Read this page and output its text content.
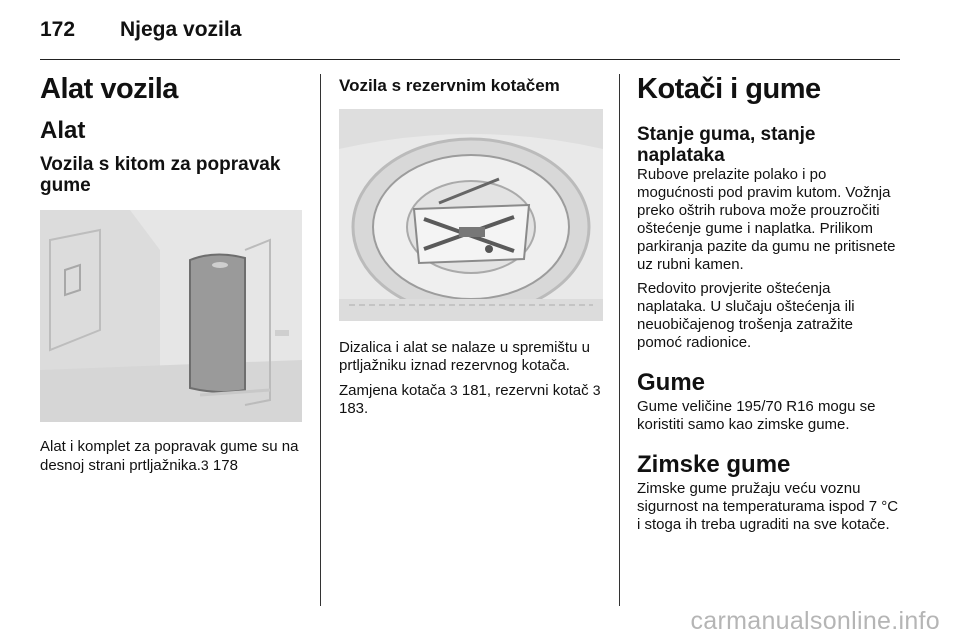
172	Njega vozila
Alat vozila
Alat
Vozila s kitom za popravak gume

Alat i komplet za popravak gume su na desnoj strani prtljažnika.3 178

Vozila s rezervnim kotačem

Dizalica i alat se nalaze u spremištu u prtljažniku iznad rezervnog kotača.

Zamjena kotača 3 181, rezervni kotač 3 183.

Kotači i gume
Stanje guma, stanje naplataka

Rubove prelazite polako i po mogućnosti pod pravim kutom. Vožnja preko oštrih rubova može prouzročiti oštećenje gume i naplatka. Prilikom parkiranja pazite da gumu ne pritisnete uz rubni kamen.

Redovito provjerite oštećenja naplataka. U slučaju oštećenja ili neuobičajenog trošenja zatražite pomoć radionice.

Gume

Gume veličine 195/70 R16 mogu se koristiti samo kao zimske gume.

Zimske gume

Zimske gume pružaju veću voznu sigurnost na temperaturama ispod 7 °C i stoga ih treba ugraditi na sve kotače.

carmanualsonline.info
